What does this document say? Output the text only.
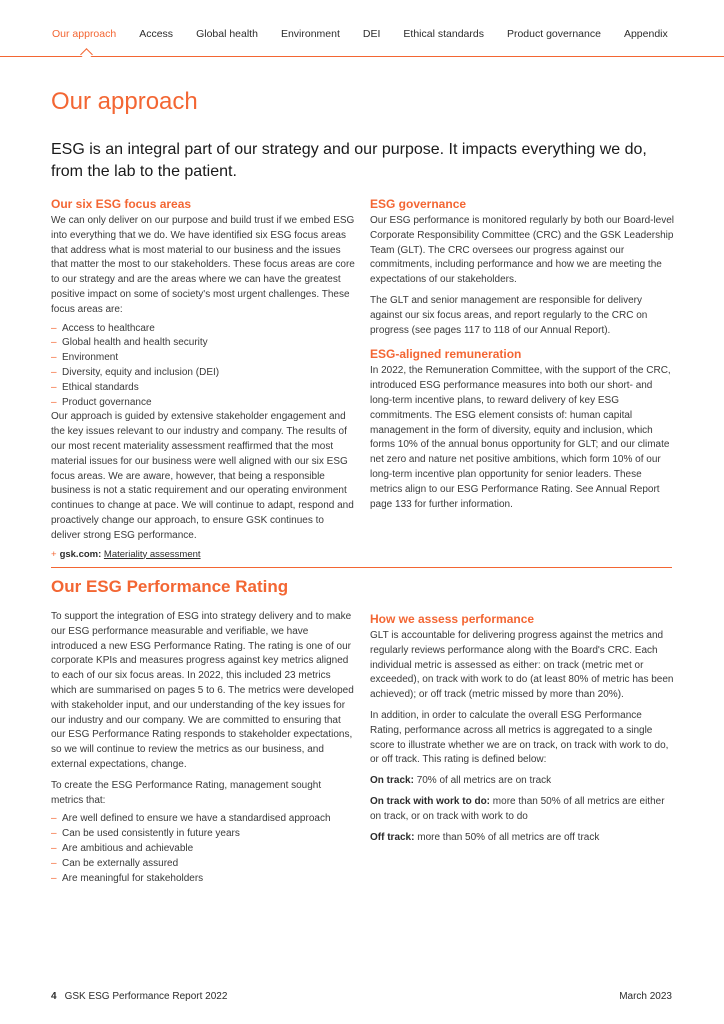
Our approach Access Global health Environment DEI Ethical standards Product governance Appendix
Our approach

ESG is an integral part of our strategy and our purpose. It impacts everything we do, from the lab to the patient.

Our six ESG focus areas

We can only deliver on our purpose and build trust if we embed ESG into everything that we do. We have identified six ESG focus areas that address what is most material to our business and the issues that matter the most to our stakeholders. These focus areas are core to our strategy and are the areas where we can have the greatest positive impact on some of society's most urgent challenges. These focus areas are:

– Access to healthcare
– Global health and health security
– Environment
– Diversity, equity and inclusion (DEI)
– Ethical standards
– Product governance

Our approach is guided by extensive stakeholder engagement and the key issues relevant to our industry and company. The results of our most recent materiality assessment reaffirmed that the most material issues for our business were well aligned with our six ESG focus areas. We are aware, however, that being a responsible business is not a static requirement and our operating environment continues to change at pace. We will continue to adapt, respond and proactively change our approach, to ensure GSK continues to deliver strong ESG performance.

+ gsk.com: Materiality assessment
ESG governance

Our ESG performance is monitored regularly by both our Board-level Corporate Responsibility Committee (CRC) and the GSK Leadership Team (GLT). The CRC oversees our progress against our commitments, including performance and how we are meeting the expectations of our stakeholders.

The GLT and senior management are responsible for delivery against our six focus areas, and report regularly to the CRC on progress (see pages 117 to 118 of our Annual Report).

ESG-aligned remuneration

In 2022, the Remuneration Committee, with the support of the CRC, introduced ESG performance measures into both our short- and long-term incentive plans, to reward delivery of key ESG commitments. The ESG element consists of: human capital management in the form of diversity, equity and inclusion, which forms 10% of the annual bonus opportunity for GLT; and our climate net zero and nature net positive ambitions, which form 10% of our long-term incentive plan opportunity for senior leaders. These metrics align to our ESG Performance Rating. See Annual Report page 133 for further information.

Our ESG Performance Rating

To support the integration of ESG into strategy delivery and to make our ESG performance measurable and verifiable, we have introduced a new ESG Performance Rating. The rating is one of our corporate KPIs and measures progress against key metrics aligned to each of our six focus areas. In 2022, this included 23 metrics which are summarised on pages 5 to 6. The metrics were developed with stakeholder input, and our understanding of the key issues for our industry and our company. We are committed to ensuring that our ESG Performance Rating responds to stakeholder expectations, so we will continue to review the metrics as our business, and external expectations, change.

To create the ESG Performance Rating, management sought metrics that:

– Are well defined to ensure we have a standardised approach
– Can be used consistently in future years
– Are ambitious and achievable
– Can be externally assured
– Are meaningful for stakeholders
How we assess performance

GLT is accountable for delivering progress against the metrics and regularly reviews performance along with the Board's CRC. Each individual metric is assessed as either: on track (metric met or exceeded), on track with work to do (at least 80% of metric has been achieved); or off track (metric missed by more than 20%).

In addition, in order to calculate the overall ESG Performance Rating, performance across all metrics is aggregated to a single score to illustrate whether we are on track, on track with work to do, or off track. This rating is defined below:

On track: 70% of all metrics are on track

On track with work to do: more than 50% of all metrics are either on track, or on track with work to do

Off track: more than 50% of all metrics are off track

4 GSK ESG Performance Report 2022	March 2023
